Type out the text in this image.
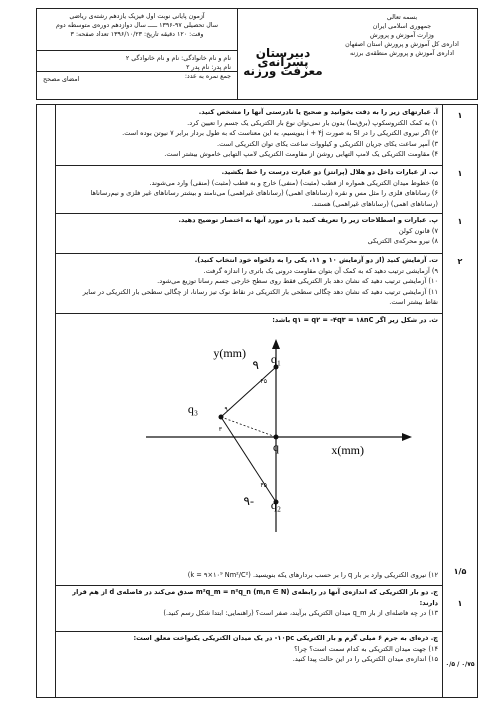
بسمه تعالی
جمهوری اسلامی ایران
وزارت آموزش و پرورش
اداره‌ی کل آموزش و پرورش استان اصفهان
اداره‌ی آموزش و پرورش منطقه‌ی برزنه
دبیرستان پسرانه‌ی معرفت ورزنه
آزمون پایانی نوبت اول فیزیک یازدهم رشته‌ی ریاضی
سال تحصیلی ۹۷-۱۳۹۶ ـــــ سال دوازدهم دوره‌ی متوسطه دوم
وقت: ۱۲۰ دقیقه تاریخ: ۱۳۹۶/۱۰/۲۳ تعداد صفحه: ۳
نام و نام خانوادگی: نام و نام خانوادگی ۲
نام پدر: نام پدر ۲
جمع نمره به عدد:
امضای مصحح
آ. عبارتهای زیر را به دقت بخوانید و صحیح یا نادرستی آنها را مشخص کنید.
۱) به کمک الکتروسکوپ (برق‌نما) بدون بار نمی‌توان نوع بار الکتریکی یک جسم را تعیین کرد.
۲) اگر نیروی الکتریکی را در SI به صورت i + ۴j بنویسیم، به این معناست که به طول بردار برابر ۷ نیوتن بوده است.
۳) آمپر ساعت یکای جریان الکتریکی و کیلووات ساعت یکای توان الکتریکی است.
۴) مقاومت الکتریکی یک لامپ التهابی روشن از مقاومت الکتریکی لامپ التهابی خاموش بیشتر است.
ب. از عبارات داخل دو هلال (پرانتز) دو عبارت درست را خط بکشید.
۵) خطوط میدان الکتریکی همواره از قطب (مثبت) (منفی) خارج و به قطب (مثبت) (منفی) وارد می‌شوند.
۶) رساناهای فلزی را مثل مس و نقره (رساناهای اهمی) (رساناهای غیراهمی) می‌نامند و بیشتر رساناهای غیر فلزی و نیم‌رساناها
(رساناهای اهمی) (رساناهای غیراهمی) هستند.
پ. عبارات و اصطلاحات زیر را تعریف کنید یا در مورد آنها به اختصار توضیح دهید.
۷) قانون کولن
۸) نیرو محرکه‌ی الکتریکی
ت. آزمایش کنید (از دو آزمایش ۱۰ و ۱۱، یکی را به دلخواه خود انتخاب کنید).
۹) آزمایشی ترتیب دهید که به کمک آن بتوان مقاومت درونی یک باتری را اندازه گرفت.
۱۰) آزمایشی ترتیب دهید که نشان دهد بار الکتریکی فقط روی سطح خارجی جسم رسانا توزیع می‌شود.
۱۱) آزمایشی ترتیب دهید که نشان دهد چگالی سطحی بار الکتریکی در نقاط نوک تیز رسانا، از چگالی سطحی بار الکتریکی در سایر
نقاط بیشتر است.
ث. در شکل زیر اگر q۱ = q۲ = -۴q۳ = ۱۸nC باشد:
y(mm)
x(mm)
q₁
q₂
q₃
q
۴۵
۹۰
۳
۴۵
۹
-۹
۱۲) نیروی الکتریکی وارد بر بار q را بر حسب بردارهای یکه بنویسید. (k = ۹×۱۰⁹ Nm²/C²)
ج. دو بار الکتریکی که اندازه‌ی آنها در رابطه‌ی m²q_m = n²q_n (m,n ∈ N) صدق می‌کند در فاصله‌ی d از هم قرار دارند:
۱۳) در چه فاصله‌ای از بار q_m میدان الکتریکی برآیند، صفر است؟ (راهنمایی: ابتدا شکل رسم کنید.)
چ. ذره‌ای به جرم ۶ میلی گرم و بار الکتریکی ۱۰pc- در یک میدان الکتریکی یکنواخت معلق است:
۱۴) جهت میدان الکتریکی به کدام سمت است؟ چرا؟
۱۵) اندازه‌ی میدان الکتریکی را در این حالت پیدا کنید.
۱
۱
۱
۲
۱/۵
۱
۰/۵ / ۰/۷۵
